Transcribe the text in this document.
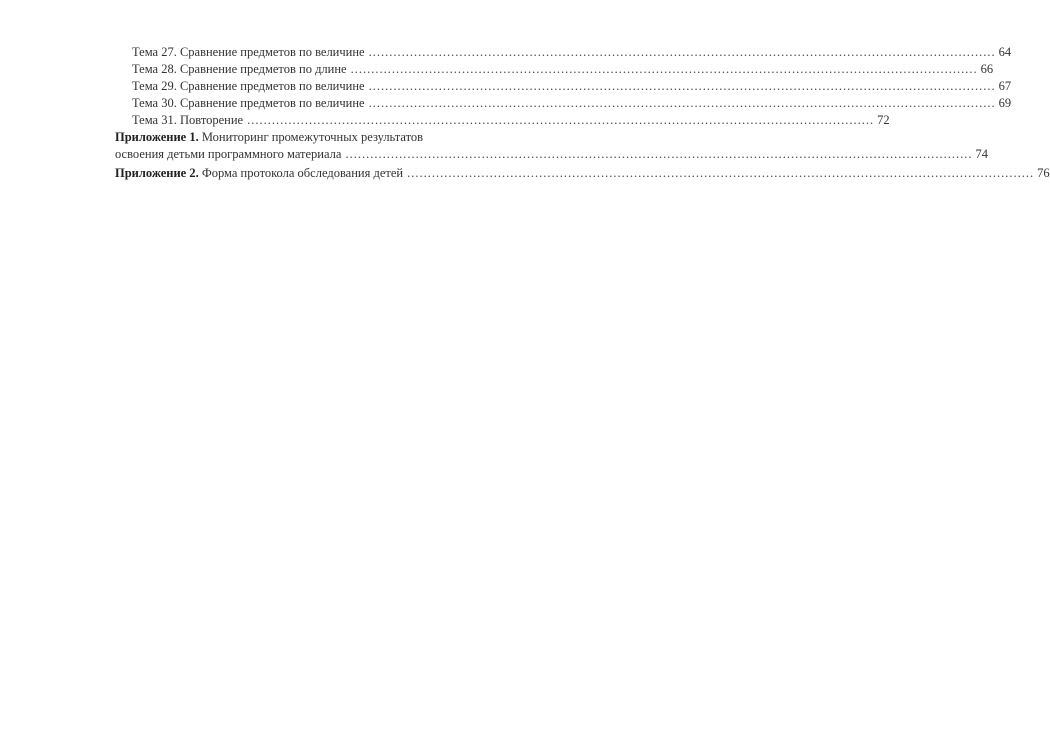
Тема 27. Сравнение предметов по величине ........................................................................................................................................................ 64
Тема 28. Сравнение предметов по длине ........................................................................................................................................................ 66
Тема 29. Сравнение предметов по величине ........................................................................................................................................................ 67
Тема 30. Сравнение предметов по величине ........................................................................................................................................................ 69
Тема 31. Повторение ........................................................................................................................................................ 72
Приложение 1. Мониторинг промежуточных результатов
освоения детьми программного материала ........................................................................................................................................................ 74
Приложение 2. Форма протокола обследования детей ........................................................................................................................................................ 76
